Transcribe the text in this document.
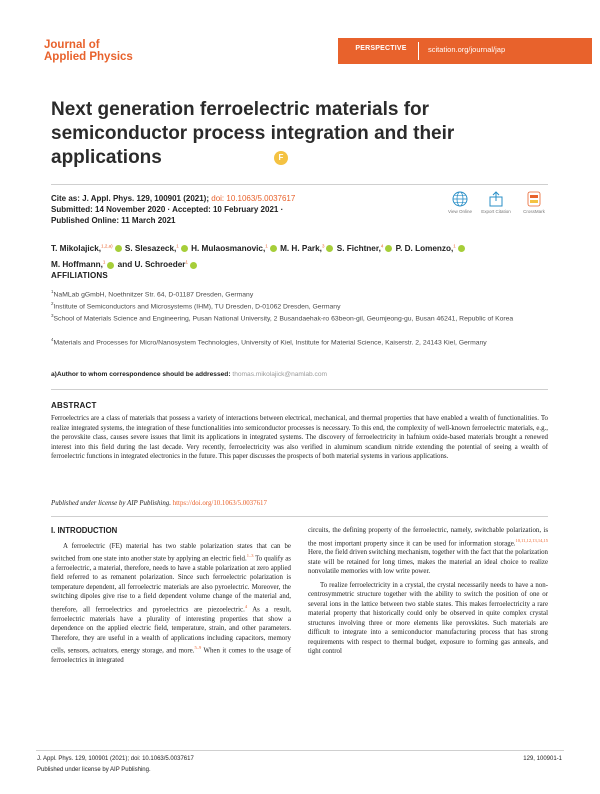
Journal of
Applied Physics
PERSPECTIVE	scitation.org/journal/jap
Next generation ferroelectric materials for semiconductor process integration and their applications	F
Cite as: J. Appl. Phys. 129, 100901 (2021); doi: 10.1063/5.0037617
Submitted: 14 November 2020 · Accepted: 10 February 2021 ·
Published Online: 11 March 2021
View Online	Export Citation	CrossMark
T. Mikolajick,$^{1,2,a)}$ S. Slesazeck,$^1$ H. Mulaosmanovic,$^1$ M. H. Park,$^3$ S. Fichtner,$^4$ P. D. Lomenzo,$^1$
M. Hoffmann,$^1$ and U. Schroeder$^1$
AFFILIATIONS
$^1$NaMLab gGmbH, Noethnitzer Str. 64, D-01187 Dresden, Germany
$^2$Institute of Semiconductors and Microsystems (IHM), TU Dresden, D-01062 Dresden, Germany
$^3$School of Materials Science and Engineering, Pusan National University, 2 Busandaehak-ro 63beon-gil, Geumjeong-gu, Busan 46241, Republic of Korea
$^4$Materials and Processes for Micro/Nanosystem Technologies, University of Kiel, Institute for Material Science, Kaiserstr. 2, 24143 Kiel, Germany
a)Author to whom correspondence should be addressed: thomas.mikolajick@namlab.com
ABSTRACT
Ferroelectrics are a class of materials that possess a variety of interactions between electrical, mechanical, and thermal properties that have enabled a wealth of functionalities. To realize integrated systems, the integration of these functionalities into semiconductor processes is necessary. To this end, the complexity of well-known ferroelectric materials, e.g., the perovskite class, causes severe issues that limit its applications in integrated systems. The discovery of ferroelectricity in hafnium oxide-based materials brought a renewed interest into this field during the last decade. Very recently, ferroelectricity was also verified in aluminum scandium nitride extending the potential of seeing a wealth of ferroelectric functions in integrated electronics in the future. This paper discusses the prospects of both material systems in various applications.
Published under license by AIP Publishing. https://doi.org/10.1063/5.0037617
I. INTRODUCTION

A ferroelectric (FE) material has two stable polarization states that can be switched from one state into another state by applying an electric field.$^{1-3}$ To qualify as a ferroelectric, a material, therefore, needs to have a stable polarization at zero applied field referred to as remanent polarization. Since such ferroelectric polarization is temperature dependent, all ferroelectric materials are also pyroelectric. Moreover, the switching dipoles give rise to a field dependent volume change of the material and, therefore, all ferroelectrics and pyroelectrics are piezoelectric.$^4$ As a result, ferroelectric materials have a plurality of interesting properties that show a dependence on the applied electric field, temperature, strain, and other parameters. Therefore, they are useful in a wealth of applications including capacitors, memory cells, sensors, actuators, energy storage, and more.$^{5-9}$ When it comes to the usage of ferroelectrics in integrated

circuits, the defining property of the ferroelectric, namely, switchable polarization, is the most important property since it can be used for information storage.$^{10,11,12,13,14,15}$ Here, the field driven switching mechanism, together with the fact that the polarization state will be retained for long times, makes the material an ideal choice to realize nonvolatile memories with low write power.

To realize ferroelectricity in a crystal, the crystal necessarily needs to have a non-centrosymmetric structure together with the ability to switch the position of one or several ions in the lattice between two stable states. This makes ferroelectricity a rare material property that historically could only be observed in quite complex crystal structures involving three or more elements like perovskites. Such materials are difficult to integrate into a semiconductor manufacturing process that has strong requirements with respect to thermal budget, exposure to forming gas anneals, and tight control

J. Appl. Phys. 129, 100901 (2021); doi: 10.1063/5.0037617
Published under license by AIP Publishing.
129, 100901-1
